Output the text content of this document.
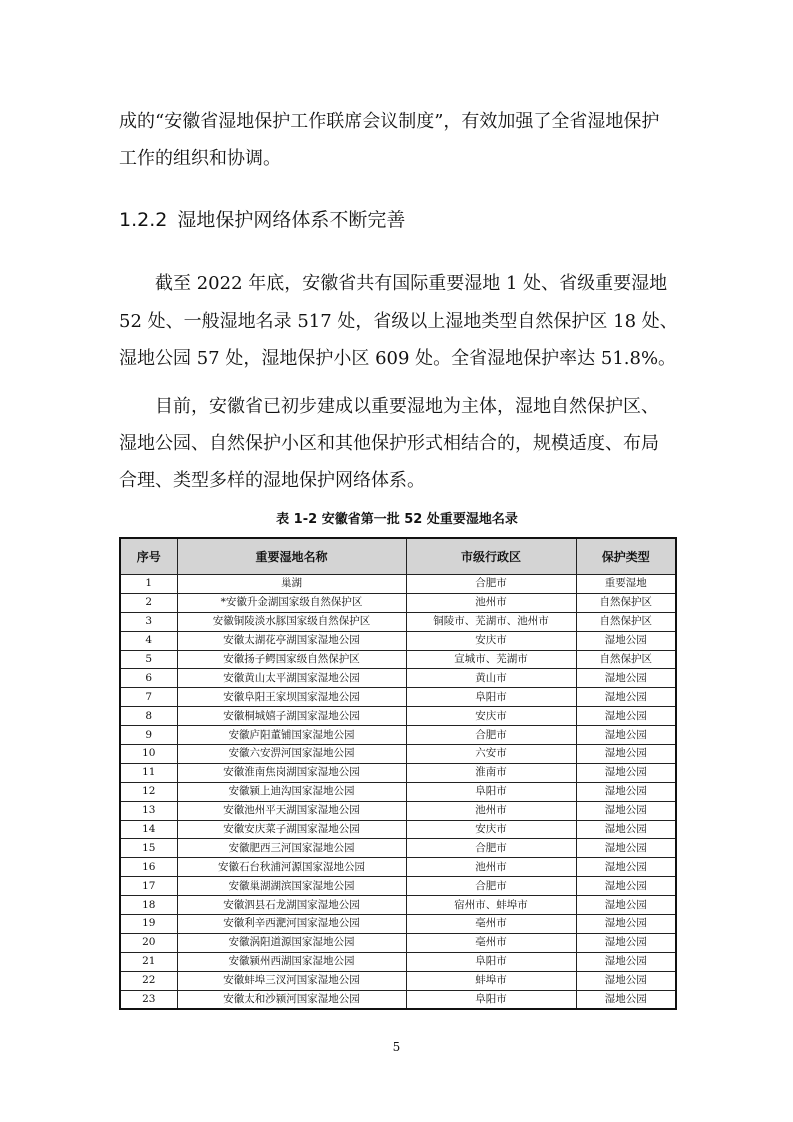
成的“安徽省湿地保护工作联席会议制度”，有效加强了全省湿地保护
工作的组织和协调。
1.2.2 湿地保护网络体系不断完善
　　截至 2022 年底，安徽省共有国际重要湿地 1 处、省级重要湿地
52 处、一般湿地名录 517 处，省级以上湿地类型自然保护区 18 处、
湿地公园 57 处，湿地保护小区 609 处。全省湿地保护率达 51.8%。
　　目前，安徽省已初步建成以重要湿地为主体，湿地自然保护区、
湿地公园、自然保护小区和其他保护形式相结合的，规模适度、布局
合理、类型多样的湿地保护网络体系。
表 1-2 安徽省第一批 52 处重要湿地名录
序号	重要湿地名称	市级行政区	保护类型
1	巢湖	合肥市	重要湿地
2	*安徽升金湖国家级自然保护区	池州市	自然保护区
3	安徽铜陵淡水豚国家级自然保护区	铜陵市、芜湖市、池州市	自然保护区
4	安徽太湖花亭湖国家湿地公园	安庆市	湿地公园
5	安徽扬子鳄国家级自然保护区	宣城市、芜湖市	自然保护区
6	安徽黄山太平湖国家湿地公园	黄山市	湿地公园
7	安徽阜阳王家坝国家湿地公园	阜阳市	湿地公园
8	安徽桐城嬉子湖国家湿地公园	安庆市	湿地公园
9	安徽庐阳董铺国家湿地公园	合肥市	湿地公园
10	安徽六安淠河国家湿地公园	六安市	湿地公园
11	安徽淮南焦岗湖国家湿地公园	淮南市	湿地公园
12	安徽颍上迪沟国家湿地公园	阜阳市	湿地公园
13	安徽池州平天湖国家湿地公园	池州市	湿地公园
14	安徽安庆菜子湖国家湿地公园	安庆市	湿地公园
15	安徽肥西三河国家湿地公园	合肥市	湿地公园
16	安徽石台秋浦河源国家湿地公园	池州市	湿地公园
17	安徽巢湖湖滨国家湿地公园	合肥市	湿地公园
18	安徽泗县石龙湖国家湿地公园	宿州市、蚌埠市	湿地公园
19	安徽利辛西淝河国家湿地公园	亳州市	湿地公园
20	安徽涡阳道源国家湿地公园	亳州市	湿地公园
21	安徽颍州西湖国家湿地公园	阜阳市	湿地公园
22	安徽蚌埠三汊河国家湿地公园	蚌埠市	湿地公园
23	安徽太和沙颍河国家湿地公园	阜阳市	湿地公园
5
